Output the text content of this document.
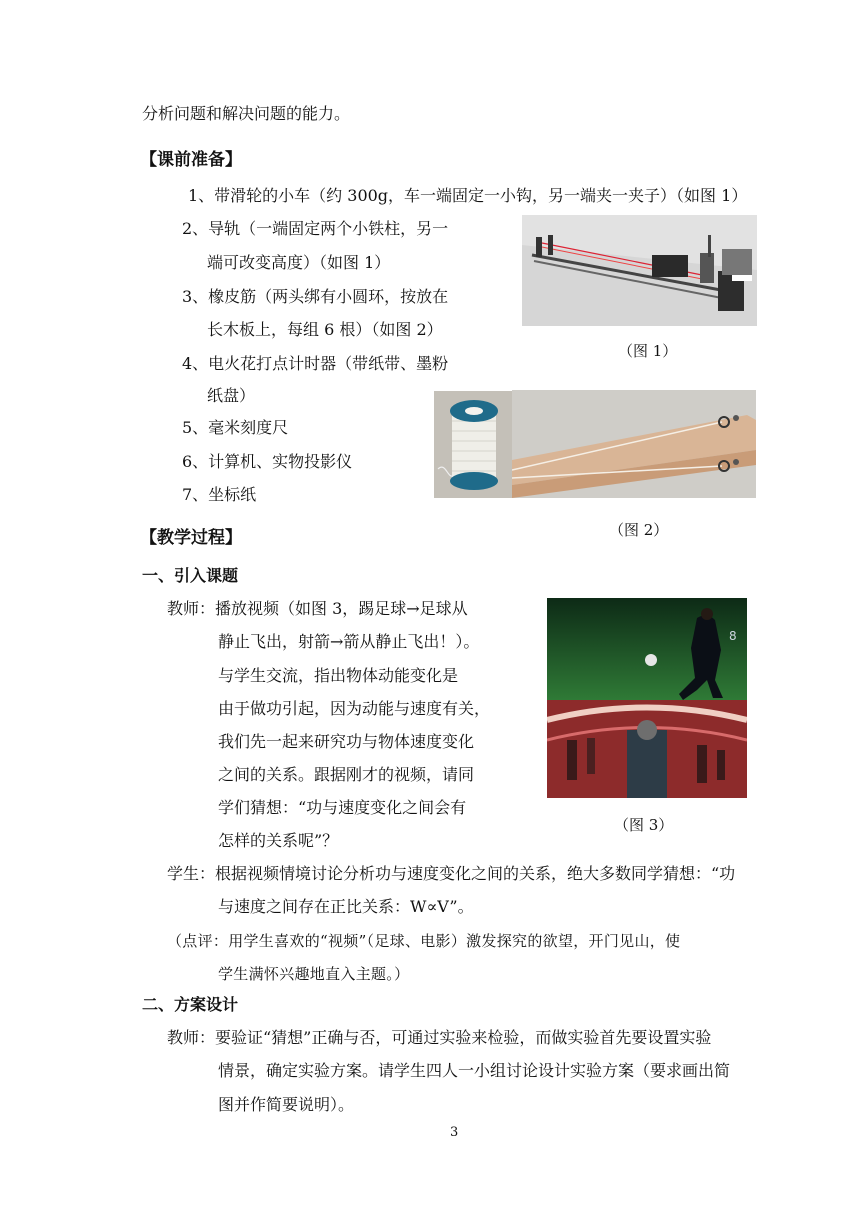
分析问题和解决问题的能力。
【课前准备】
1、带滑轮的小车（约 300g，车一端固定一小钩，另一端夹一夹子）（如图 1）
2、导轨（一端固定两个小铁柱，另一
端可改变高度）（如图 1）
3、橡皮筋（两头绑有小圆环，按放在
长木板上，每组 6 根）（如图 2）
4、电火花打点计时器（带纸带、墨粉
纸盘）
5、毫米刻度尺
6、计算机、实物投影仪
7、坐标纸
（图 1）
（图 2）
【教学过程】
一、引入课题
教师：播放视频（如图 3，踢足球→足球从
静止飞出，射箭→箭从静止飞出！）。
与学生交流，指出物体动能变化是
由于做功引起，因为动能与速度有关，
我们先一起来研究功与物体速度变化
之间的关系。跟据刚才的视频，请同
学们猜想：“功与速度变化之间会有
怎样的关系呢”？
8
（图 3）
学生：根据视频情境讨论分析功与速度变化之间的关系，绝大多数同学猜想：“功
与速度之间存在正比关系：W∝V”。
（点评：用学生喜欢的“视频”（足球、电影）激发探究的欲望，开门见山，使
学生满怀兴趣地直入主题。）
二、方案设计
教师：要验证“猜想”正确与否，可通过实验来检验，而做实验首先要设置实验
情景，确定实验方案。请学生四人一小组讨论设计实验方案（要求画出简
图并作简要说明）。
3
